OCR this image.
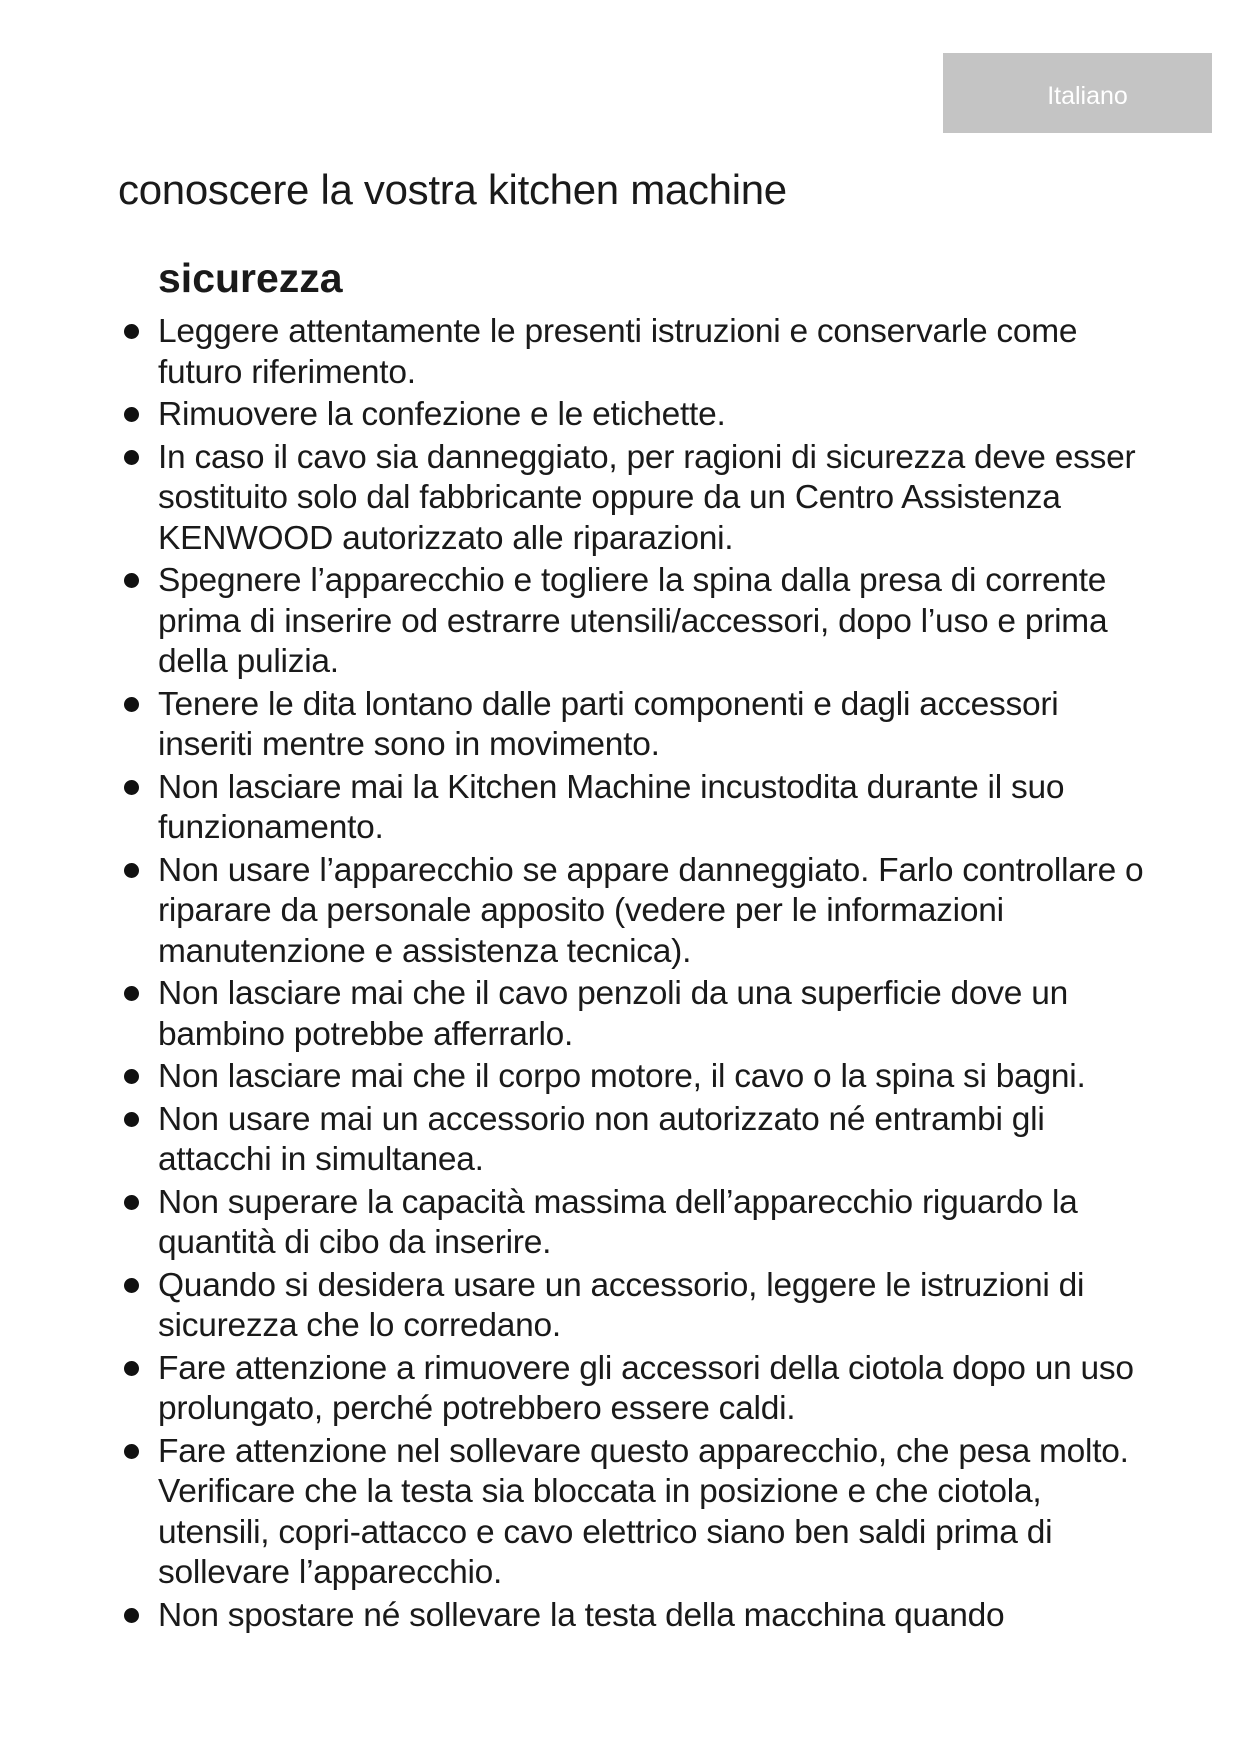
Italiano
conoscere la vostra kitchen machine
sicurezza
Leggere attentamente le presenti istruzioni e conservarle come futuro riferimento.
Rimuovere la confezione e le etichette.
In caso il cavo sia danneggiato, per ragioni di sicurezza deve esser sostituito solo dal fabbricante oppure da un Centro Assistenza KENWOOD autorizzato alle riparazioni.
Spegnere l’apparecchio e togliere la spina dalla presa di corrente prima di inserire od estrarre utensili/accessori, dopo l’uso e prima della pulizia.
Tenere le dita lontano dalle parti componenti e dagli accessori inseriti mentre sono in movimento.
Non lasciare mai la Kitchen Machine incustodita durante il suo funzionamento.
Non usare l’apparecchio se appare danneggiato. Farlo controllare o riparare da personale apposito (vedere per le informazioni manutenzione e assistenza tecnica).
Non lasciare mai che il cavo penzoli da una superficie dove un bambino potrebbe afferrarlo.
Non lasciare mai che il corpo motore, il cavo o la spina si bagni.
Non usare mai un accessorio non autorizzato né entrambi gli attacchi in simultanea.
Non superare la capacità massima dell’apparecchio riguardo la quantità di cibo da inserire.
Quando si desidera usare un accessorio, leggere le istruzioni di sicurezza che lo corredano.
Fare attenzione a rimuovere gli accessori della ciotola dopo un uso prolungato, perché potrebbero essere caldi.
Fare attenzione nel sollevare questo apparecchio, che pesa molto. Verificare che la testa sia bloccata in posizione e che ciotola, utensili, copri-attacco e cavo elettrico siano ben saldi prima di sollevare l’apparecchio.
Non spostare né sollevare la testa della macchina quando
